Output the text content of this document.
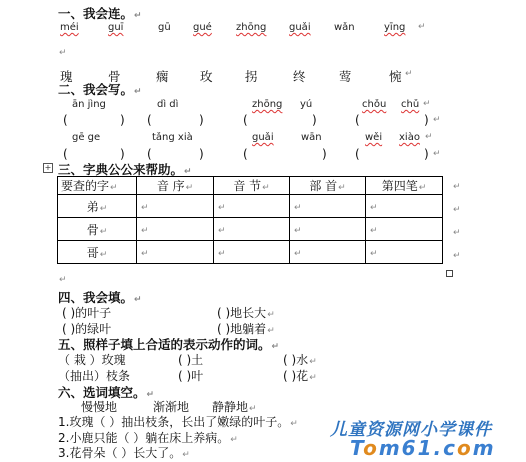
一、我会连。↵
méi	guī	gū gué zhōng guǎi wǎn	yīng ↵
↵
瑰	骨	瘸	玫	拐	终	莺	惋 ↵
二、我会写。↵
ān jìng	dì dì	zhōng yú	chǒu chǔ ↵
(	) (	)	(	)	(	) ↵
gē ge	tǎng xià	guǎi	wān	wěi xiào ↵
(	) (	)	(	) (	) ↵
+ 三、字典公公来帮助。↵
要查的字↵	音 序↵	音 节↵	部 首↵	第四笔↵
弟↵	↵	↵	↵	↵
骨↵	↵	↵	↵	↵
哥↵	↵	↵	↵	↵
↵
↵
↵
↵
↵
四、我会填。↵
( )的叶子	( )地长大↵
( )的绿叶	( )地躺着↵
五、照样子填上合适的表示动作的词。↵
（ 栽 ）玫瑰	( )土	( )水↵
（抽出）枝条	( )叶	( )花↵
六、选词填空。↵
慢慢地	渐渐地 静静地↵
1.玫瑰（ ）抽出枝条，长出了嫩绿的叶子。↵
2.小鹿只能（ ）躺在床上养病。↵
3.花骨朵（ ）长大了。↵
儿童资源网小学课件
Tom61.com
